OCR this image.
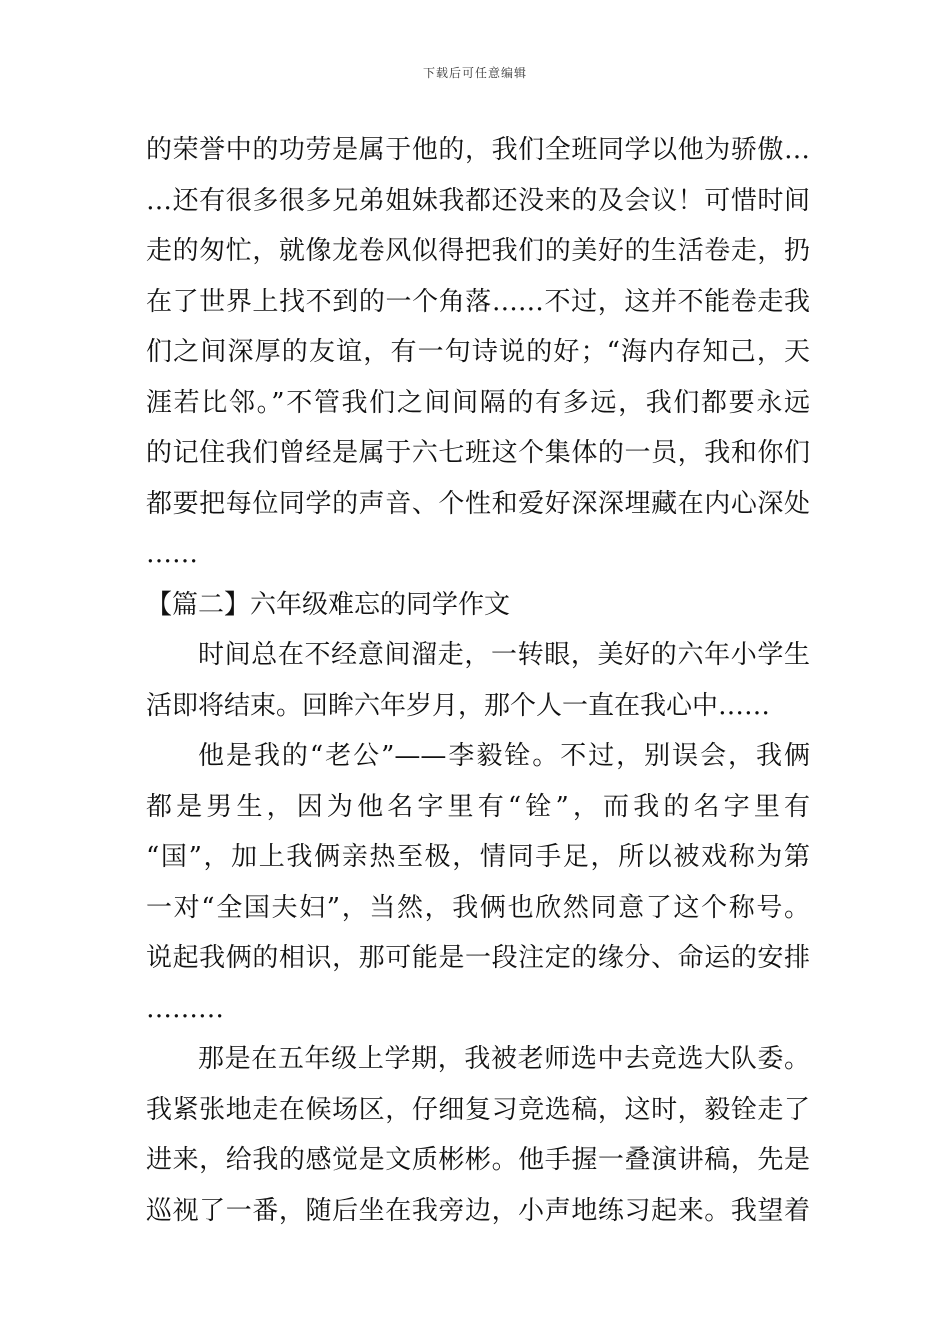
下载后可任意编辑
的荣誉中的功劳是属于他的，我们全班同学以他为骄傲…
…还有很多很多兄弟姐妹我都还没来的及会议！可惜时间
走的匆忙，就像龙卷风似得把我们的美好的生活卷走，扔
在了世界上找不到的一个角落……不过，这并不能卷走我
们之间深厚的友谊，有一句诗说的好；“海内存知己，天
涯若比邻。”不管我们之间间隔的有多远，我们都要永远
的记住我们曾经是属于六七班这个集体的一员，我和你们
都要把每位同学的声音、个性和爱好深深埋藏在内心深处
……
【篇二】六年级难忘的同学作文
时间总在不经意间溜走，一转眼，美好的六年小学生
活即将结束。回眸六年岁月，那个人一直在我心中……
他是我的“老公”——李毅铨。不过，别误会，我俩
都是男生，因为他名字里有“铨”，而我的名字里有
“国”，加上我俩亲热至极，情同手足，所以被戏称为第
一对“全国夫妇”，当然，我俩也欣然同意了这个称号。
说起我俩的相识，那可能是一段注定的缘分、命运的安排
………
那是在五年级上学期，我被老师选中去竞选大队委。
我紧张地走在候场区，仔细复习竞选稿，这时，毅铨走了
进来，给我的感觉是文质彬彬。他手握一叠演讲稿，先是
巡视了一番，随后坐在我旁边，小声地练习起来。我望着
